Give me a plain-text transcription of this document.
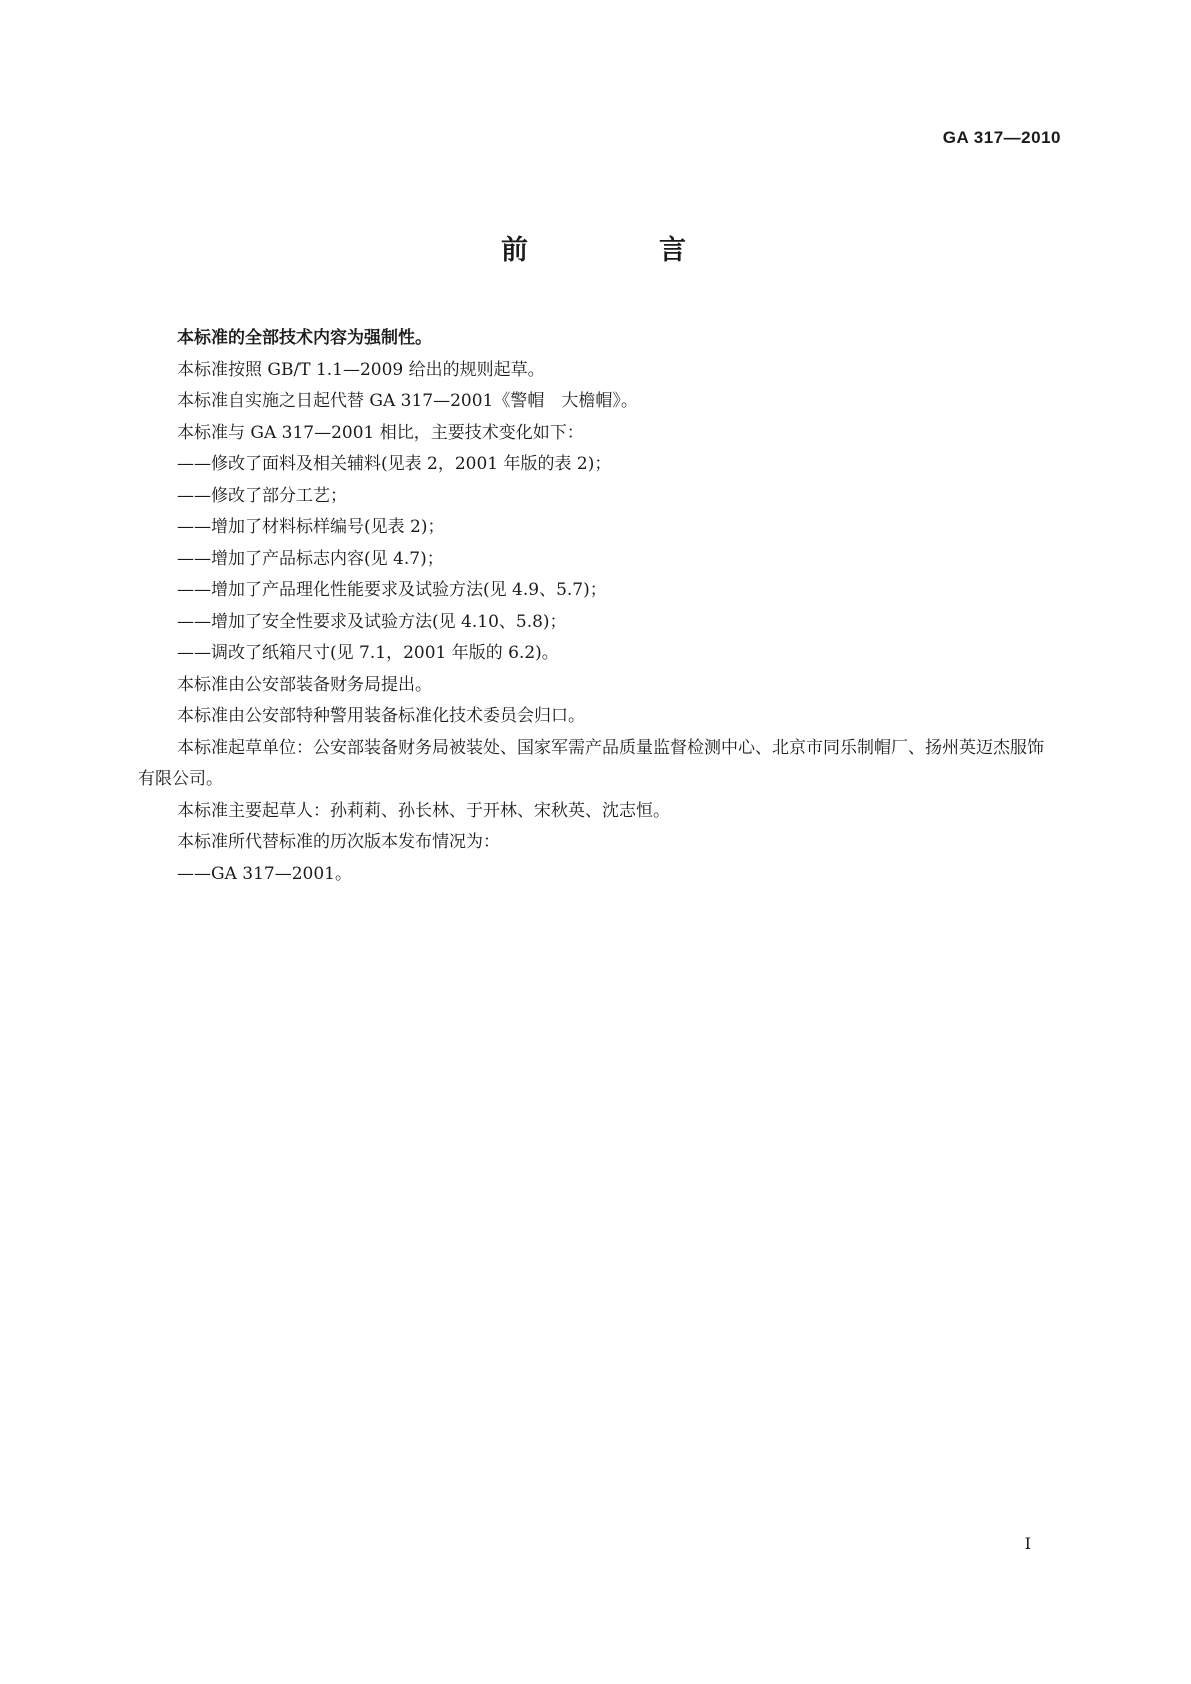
GA 317—2010
前　言

本标准的全部技术内容为强制性。

本标准按照 GB/T 1.1—2009 给出的规则起草。

本标准自实施之日起代替 GA 317—2001《警帽　大檐帽》。

本标准与 GA 317—2001 相比，主要技术变化如下：

——修改了面料及相关辅料(见表 2，2001 年版的表 2)；

——修改了部分工艺；

——增加了材料标样编号(见表 2)；

——增加了产品标志内容(见 4.7)；

——增加了产品理化性能要求及试验方法(见 4.9、5.7)；

——增加了安全性要求及试验方法(见 4.10、5.8)；

——调改了纸箱尺寸(见 7.1，2001 年版的 6.2)。

本标准由公安部装备财务局提出。

本标准由公安部特种警用装备标准化技术委员会归口。

本标准起草单位：公安部装备财务局被装处、国家军需产品质量监督检测中心、北京市同乐制帽厂、扬州英迈杰服饰有限公司。

本标准主要起草人：孙莉莉、孙长林、于开林、宋秋英、沈志恒。

本标准所代替标准的历次版本发布情况为：

——GA 317—2001。

I
